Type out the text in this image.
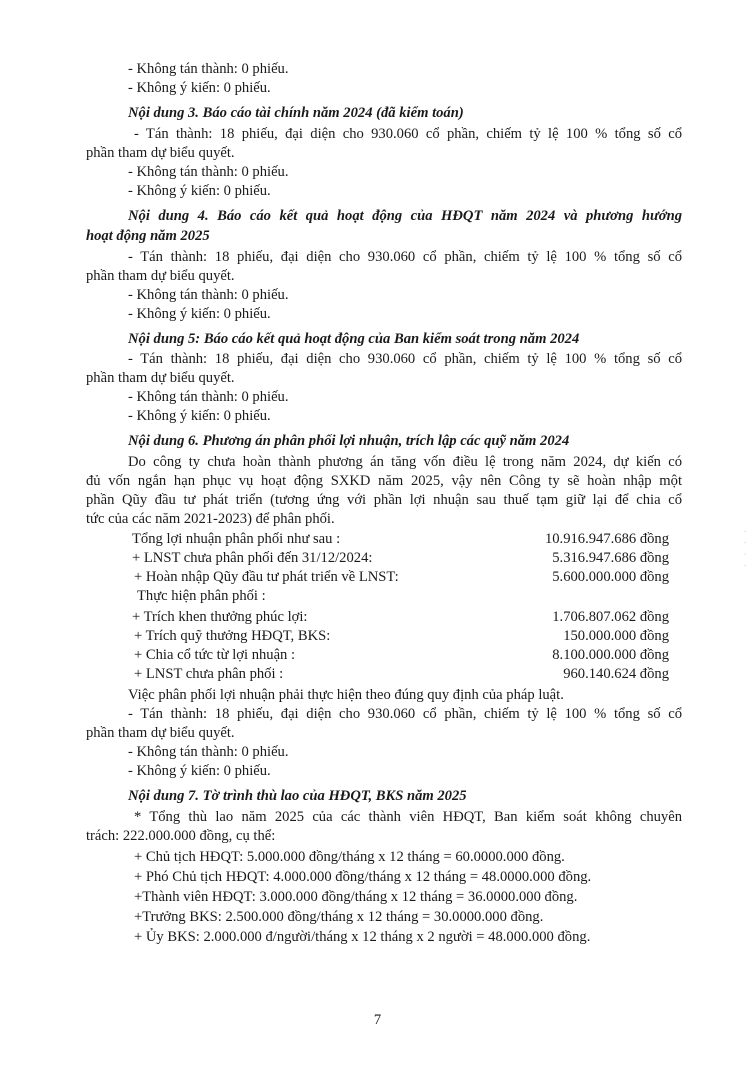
- Không tán thành: 0 phiếu.
- Không ý kiến: 0 phiếu.
Nội dung 3. Báo cáo tài chính năm 2024 (đã kiểm toán)
- Tán thành: 18 phiếu, đại diện cho 930.060 cổ phần, chiếm tỷ lệ 100 % tổng số cổ
phần tham dự biểu quyết.
- Không tán thành: 0 phiếu.
- Không ý kiến: 0 phiếu.
Nội dung 4. Báo cáo kết quả hoạt động của HĐQT năm 2024 và phương hướng
hoạt động năm 2025
- Tán thành: 18 phiếu, đại diện cho 930.060 cổ phần, chiếm tỷ lệ 100 % tổng số cổ
phần tham dự biểu quyết.
- Không tán thành: 0 phiếu.
- Không ý kiến: 0 phiếu.
Nội dung 5: Báo cáo kết quả hoạt động của Ban kiểm soát trong năm 2024
- Tán thành: 18 phiếu, đại diện cho 930.060 cổ phần, chiếm tỷ lệ 100 % tổng số cổ
phần tham dự biểu quyết.
- Không tán thành: 0 phiếu.
- Không ý kiến: 0 phiếu.
Nội dung 6. Phương án phân phối lợi nhuận, trích lập các quỹ năm 2024
Do công ty chưa hoàn thành phương án tăng vốn điều lệ trong năm 2024, dự kiến có
đủ vốn ngắn hạn phục vụ hoạt động SXKD năm 2025, vậy nên Công ty sẽ hoàn nhập một
phần Qũy đầu tư phát triển (tương ứng với phần lợi nhuận sau thuế tạm giữ lại để chia cổ
tức của các năm 2021-2023) để phân phối.
Tổng lợi nhuận phân phối như sau :	10.916.947.686 đồng
+ LNST chưa phân phối đến 31/12/2024:	5.316.947.686 đồng
+ Hoàn nhập Qũy đầu tư phát triển về LNST:	5.600.000.000 đồng
Thực hiện phân phối :
+ Trích khen thưởng phúc lợi:	1.706.807.062 đồng
+ Trích quỹ thưởng HĐQT, BKS:	150.000.000 đồng
+ Chia cổ tức từ lợi nhuận :	8.100.000.000 đồng
+ LNST chưa phân phối :	960.140.624 đồng
Việc phân phối lợi nhuận phải thực hiện theo đúng quy định của pháp luật.
- Tán thành: 18 phiếu, đại diện cho 930.060 cổ phần, chiếm tỷ lệ 100 % tổng số cổ
phần tham dự biểu quyết.
- Không tán thành: 0 phiếu.
- Không ý kiến: 0 phiếu.
Nội dung 7. Tờ trình thù lao của HĐQT, BKS năm 2025
* Tổng thù lao năm 2025 của các thành viên HĐQT, Ban kiểm soát không chuyên
trách: 222.000.000 đồng, cụ thể:
+ Chủ tịch HĐQT: 5.000.000 đồng/tháng x 12 tháng = 60.0000.000 đồng.
+ Phó Chủ tịch HĐQT: 4.000.000 đồng/tháng x 12 tháng = 48.0000.000 đồng.
+Thành viên HĐQT: 3.000.000 đồng/tháng x 12 tháng = 36.0000.000 đồng.
+Trưởng BKS: 2.500.000 đồng/tháng x 12 tháng = 30.0000.000 đồng.
+ Ủy BKS: 2.000.000 đ/người/tháng x 12 tháng x 2 người = 48.000.000 đồng.
7
· · · ·
